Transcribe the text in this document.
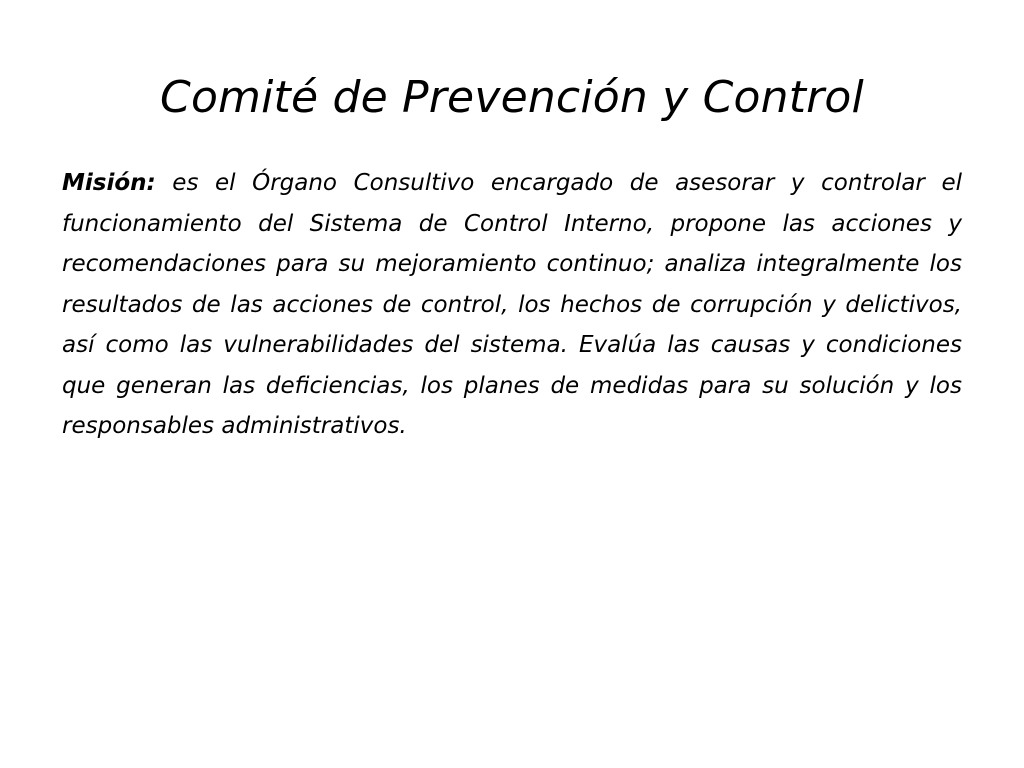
Comité de Prevención y Control

Misión: es el Órgano Consultivo encargado de asesorar y controlar el funcionamiento del Sistema de Control Interno, propone las acciones y recomendaciones para su mejoramiento continuo; analiza integralmente los resultados de las acciones de control, los hechos de corrupción y delictivos, así como las vulnerabilidades del sistema. Evalúa las causas y condiciones que generan las deficiencias, los planes de medidas para su solución y los responsables administrativos.
